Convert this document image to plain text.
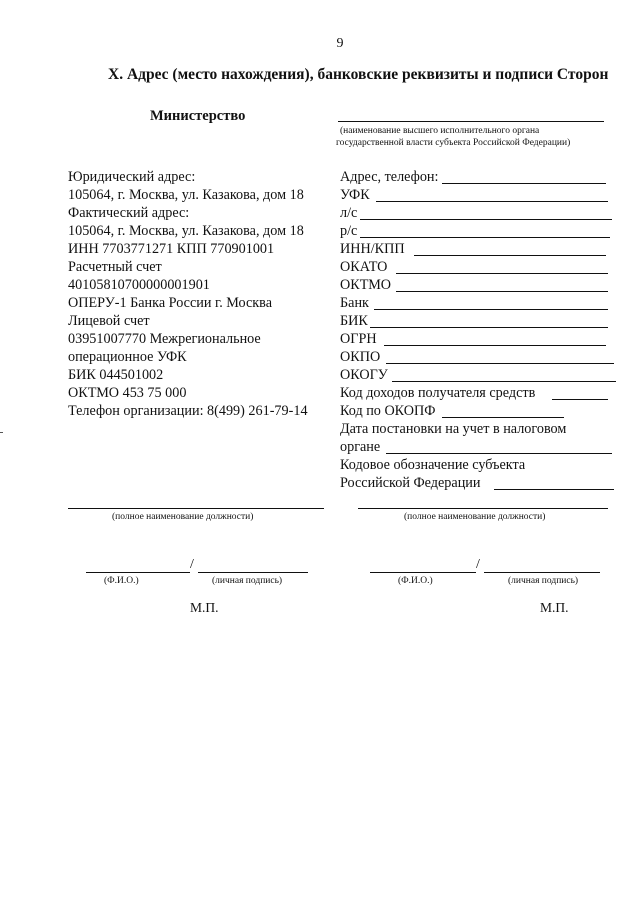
9
X. Адрес (место нахождения), банковские реквизиты и подписи Сторон
Министерство
(наименование высшего исполнительного органа
государственной власти субъекта Российской Федерации)
Юридический адрес:
105064, г. Москва, ул. Казакова, дом 18
Фактический адрес:
105064, г. Москва, ул. Казакова, дом 18
ИНН 7703771271 КПП 770901001
Расчетный счет
40105810700000001901
ОПЕРУ-1 Банка России г. Москва
Лицевой счет
03951007770 Межрегиональное
операционное УФК
БИК 044501002
ОКТМО 453 75 000
Телефон организации: 8(499) 261-79-14
Адрес, телефон:
УФК
л/с
р/с
ИНН/КПП
ОКАТО
ОКТМО
Банк
БИК
ОГРН
ОКПО
ОКОГУ
Код доходов получателя средств
Код по ОКОПФ
Дата постановки на учет в налоговом
органе
Кодовое обозначение субъекта
Российской Федерации
(полное наименование должности)
/
(Ф.И.О.)	(личная подпись)
М.П.
(полное наименование должности)
/
(Ф.И.О.)	(личная подпись)
М.П.
